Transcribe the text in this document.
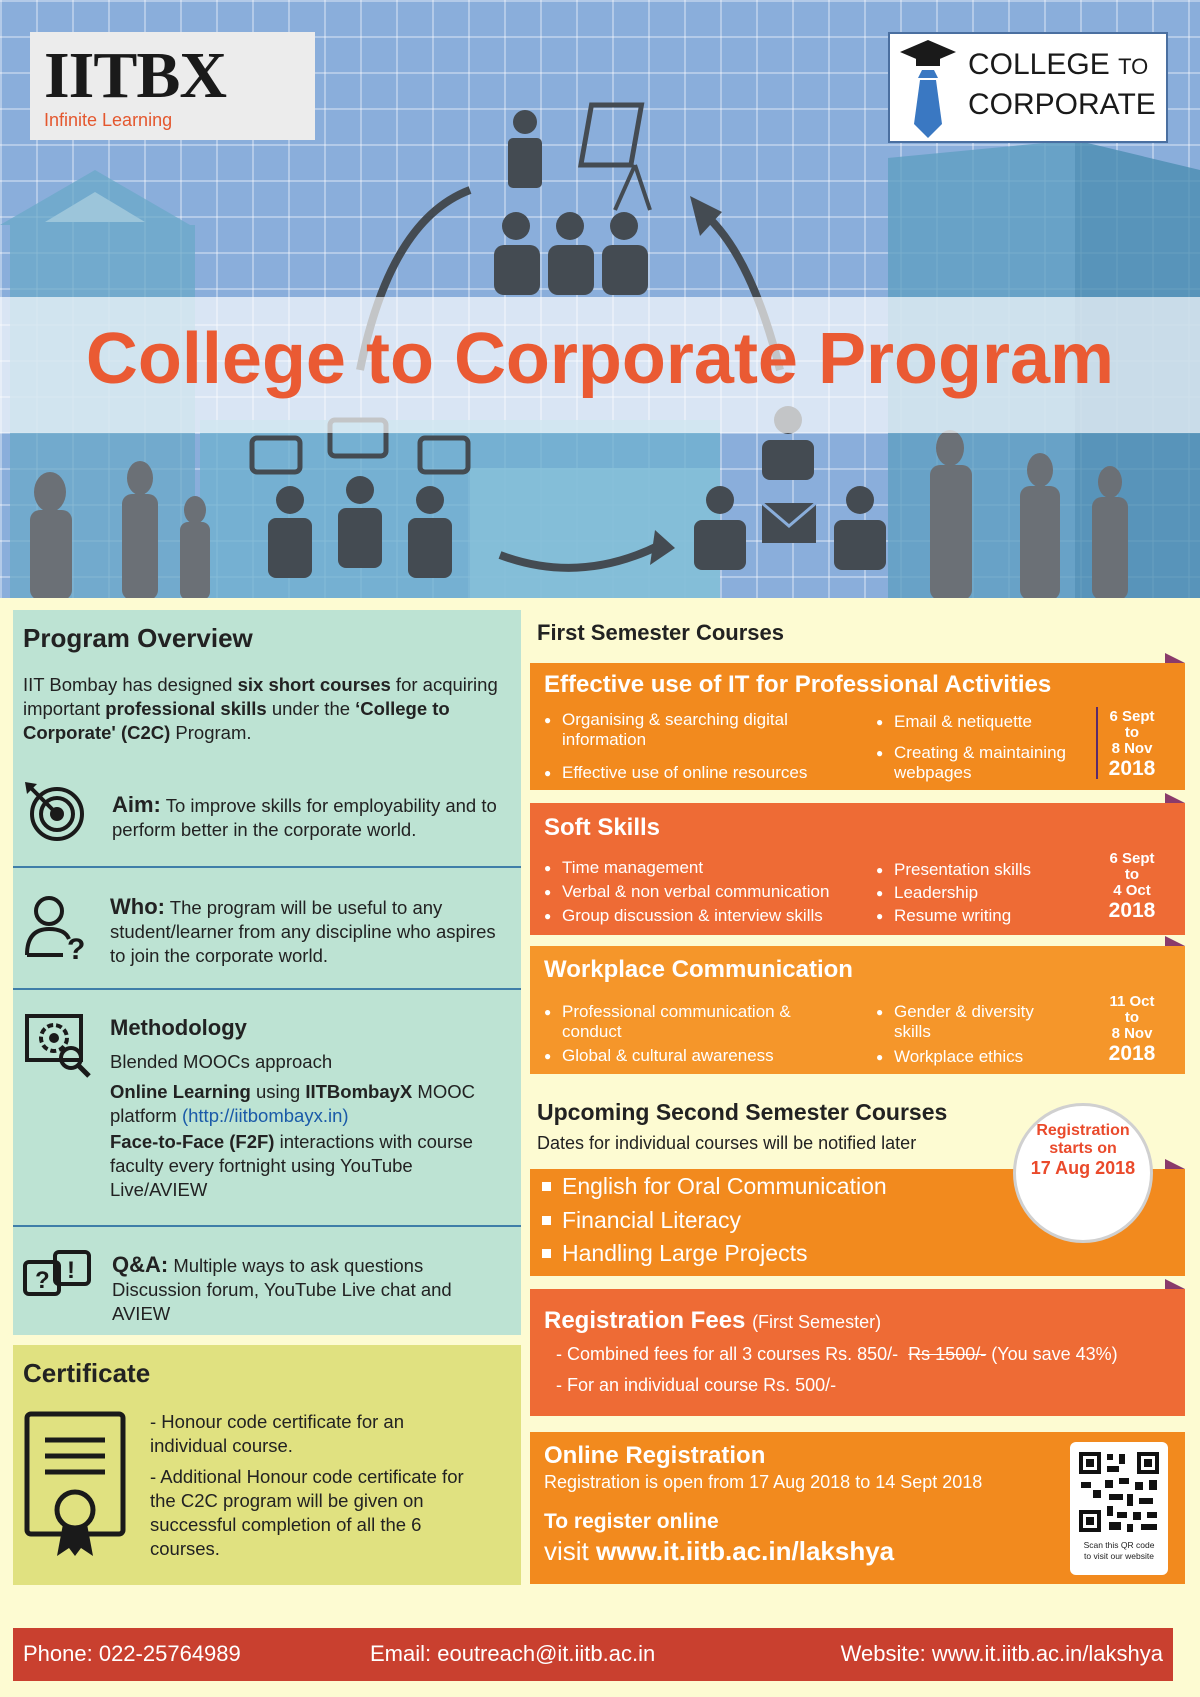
IITBX
Infinite Learning
COLLEGE TO
CORPORATE
College to Corporate Program
Program Overview
IIT Bombay has designed six short courses for acquiring important professional skills under the ‘College to Corporate' (C2C) Program.
Aim: To improve skills for employability and to perform better in the corporate world.
?
Who: The program will be useful to any student/learner from any discipline who aspires to join the corporate world.
Methodology
Blended MOOCs approach
Online Learning using IITBombayX MOOC platform (http://iitbombayx.in)
Face-to-Face (F2F) interactions with course faculty every fortnight using YouTube Live/AVIEW
? ! Q&A: Multiple ways to ask questions Discussion forum, YouTube Live chat and AVIEW
Certificate
- Honour code certificate for an individual course.
- Additional Honour code certificate for the C2C program will be given on successful completion of all the 6 courses.
First Semester Courses
Effective use of IT for Professional Activities
● Organising & searching digital information
● Effective use of online resources
● Email & netiquette
● Creating & maintaining webpages
6 Sept
to
8 Nov
2018
Soft Skills
● Time management
● Verbal & non verbal communication
● Group discussion & interview skills
● Presentation skills
● Leadership
● Resume writing
6 Sept
to
4 Oct
2018
Workplace Communication
● Professional communication & conduct
● Global & cultural awareness
● Gender & diversity skills
● Workplace ethics
11 Oct
to
8 Nov
2018
Upcoming Second Semester Courses
Dates for individual courses will be notified later
English for Oral Communication
Financial Literacy
Handling Large Projects
Registration
starts on
17 Aug 2018
Registration Fees (First Semester)
- Combined fees for all 3 courses Rs. 850/- Rs 1500/- (You save 43%)
- For an individual course Rs. 500/-
Online Registration
Registration is open from 17 Aug 2018 to 14 Sept 2018
To register online
visit www.it.iitb.ac.in/lakshya	Scan this QR code
to visit our website
Phone: 022-25764989	Email: eoutreach@it.iitb.ac.in	Website: www.it.iitb.ac.in/lakshya
